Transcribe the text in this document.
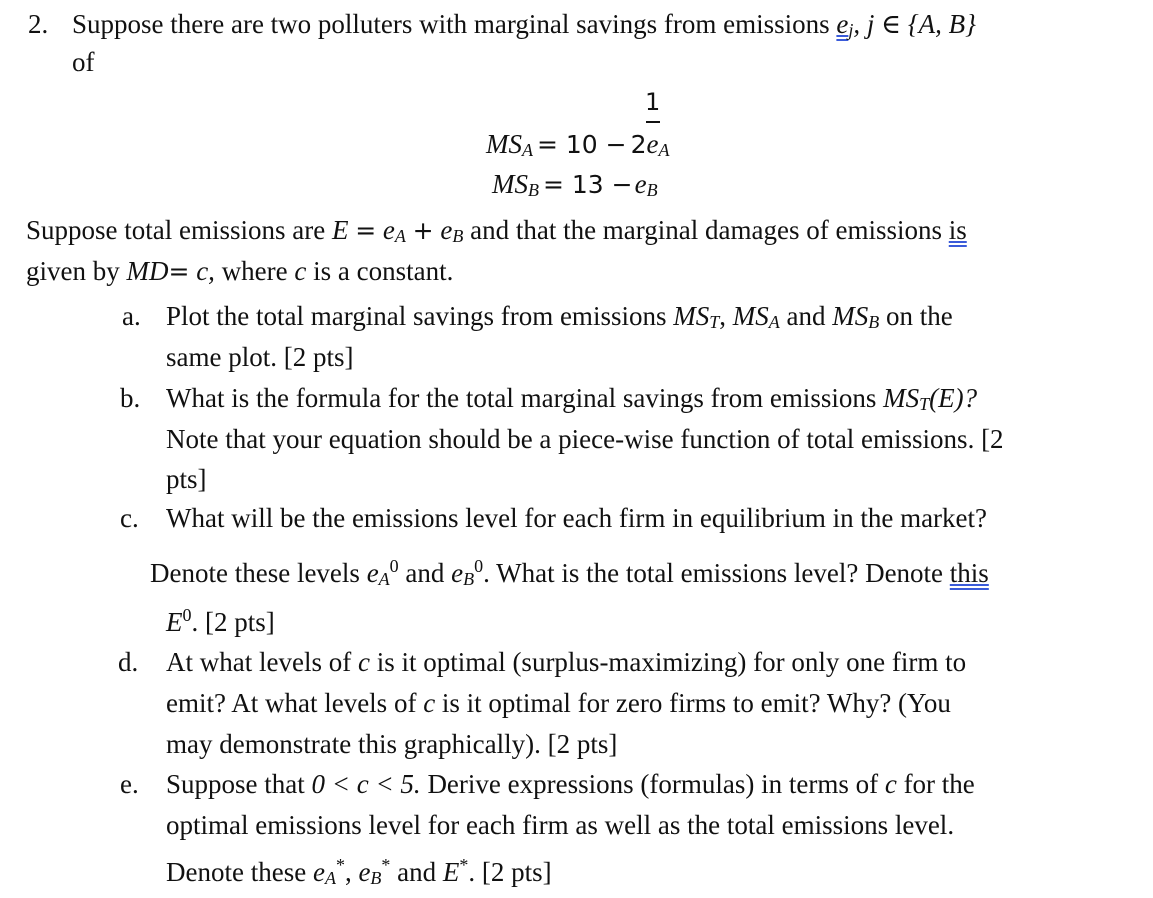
2. Suppose there are two polluters with marginal savings from emissions ej, j ∈ {A, B}
of
1
MSA = 10 − 2eA
MSB = 13 −eB
Suppose total emissions are E = eA + eB and that the marginal damages of emissions is
given by MD= c, where c is a constant.
a. Plot the total marginal savings from emissions MST, MSA and MSB on the
same plot. [2 pts]
b. What is the formula for the total marginal savings from emissions MST(E)?
Note that your equation should be a piece-wise function of total emissions. [2
pts]
c. What will be the emissions level for each firm in equilibrium in the market?
Denote these levels $eA^0$ and $eB^0$. What is the total emissions level? Denote this
$E^0$. [2 pts]
d. At what levels of c is it optimal (surplus-maximizing) for only one firm to
emit? At what levels of c is it optimal for zero firms to emit? Why? (You
may demonstrate this graphically). [2 pts]
e. Suppose that 0 < c < 5. Derive expressions (formulas) in terms of c for the
optimal emissions level for each firm as well as the total emissions level.
Denote these eA*, eB* and E*. [2 pts]
